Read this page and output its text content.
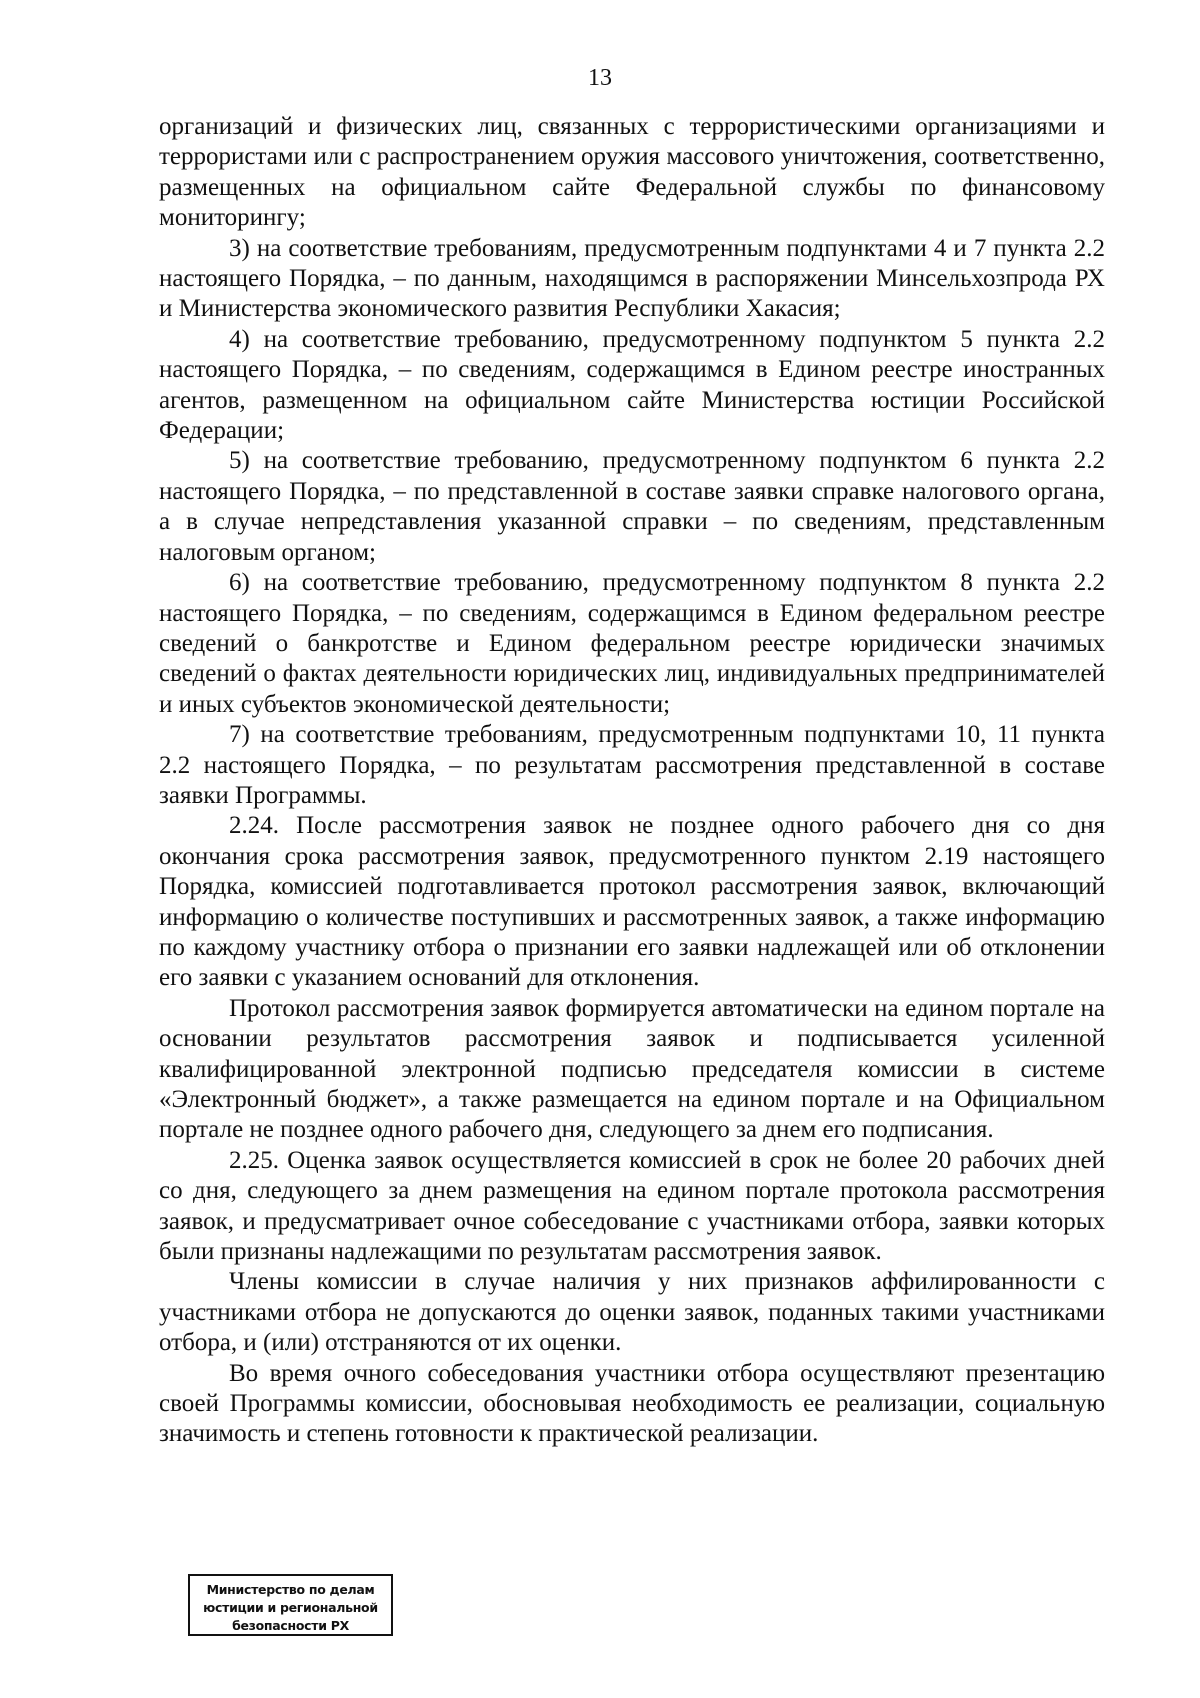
13

организаций и физических лиц, связанных с террористическими организациями и террористами или с распространением оружия массового уничтожения, соответственно, размещенных на официальном сайте Федеральной службы по финансовому мониторингу;

3) на соответствие требованиям, предусмотренным подпунктами 4 и 7 пункта 2.2 настоящего Порядка, – по данным, находящимся в распоряжении Минсельхозпрода РХ и Министерства экономического развития Республики Хакасия;

4) на соответствие требованию, предусмотренному подпунктом 5 пункта 2.2 настоящего Порядка, – по сведениям, содержащимся в Едином реестре иностранных агентов, размещенном на официальном сайте Министерства юстиции Российской Федерации;

5) на соответствие требованию, предусмотренному подпунктом 6 пункта 2.2 настоящего Порядка, – по представленной в составе заявки справке налогового органа, а в случае непредставления указанной справки – по сведениям, представленным налоговым органом;

6) на соответствие требованию, предусмотренному подпунктом 8 пункта 2.2 настоящего Порядка, – по сведениям, содержащимся в Едином федеральном реестре сведений о банкротстве и Едином федеральном реестре юридически значимых сведений о фактах деятельности юридических лиц, индивидуальных предпринимателей и иных субъектов экономической деятельности;

7) на соответствие требованиям, предусмотренным подпунктами 10, 11 пункта 2.2 настоящего Порядка, – по результатам рассмотрения представленной в составе заявки Программы.

2.24. После рассмотрения заявок не позднее одного рабочего дня со дня окончания срока рассмотрения заявок, предусмотренного пунктом 2.19 настоящего Порядка, комиссией подготавливается протокол рассмотрения заявок, включающий информацию о количестве поступивших и рассмотренных заявок, а также информацию по каждому участнику отбора о признании его заявки надлежащей или об отклонении его заявки с указанием оснований для отклонения.

Протокол рассмотрения заявок формируется автоматически на едином портале на основании результатов рассмотрения заявок и подписывается усиленной квалифицированной электронной подписью председателя комиссии в системе «Электронный бюджет», а также размещается на едином портале и на Официальном портале не позднее одного рабочего дня, следующего за днем его подписания.

2.25. Оценка заявок осуществляется комиссией в срок не более 20 рабочих дней со дня, следующего за днем размещения на едином портале протокола рассмотрения заявок, и предусматривает очное собеседование с участниками отбора, заявки которых были признаны надлежащими по результатам рассмотрения заявок.

Члены комиссии в случае наличия у них признаков аффилированности с участниками отбора не допускаются до оценки заявок, поданных такими участниками отбора, и (или) отстраняются от их оценки.

Во время очного собеседования участники отбора осуществляют презентацию своей Программы комиссии, обосновывая необходимость ее реализации, социальную значимость и степень готовности к практической реализации.

Министерство по делам
юстиции и региональной
безопасности РХ
